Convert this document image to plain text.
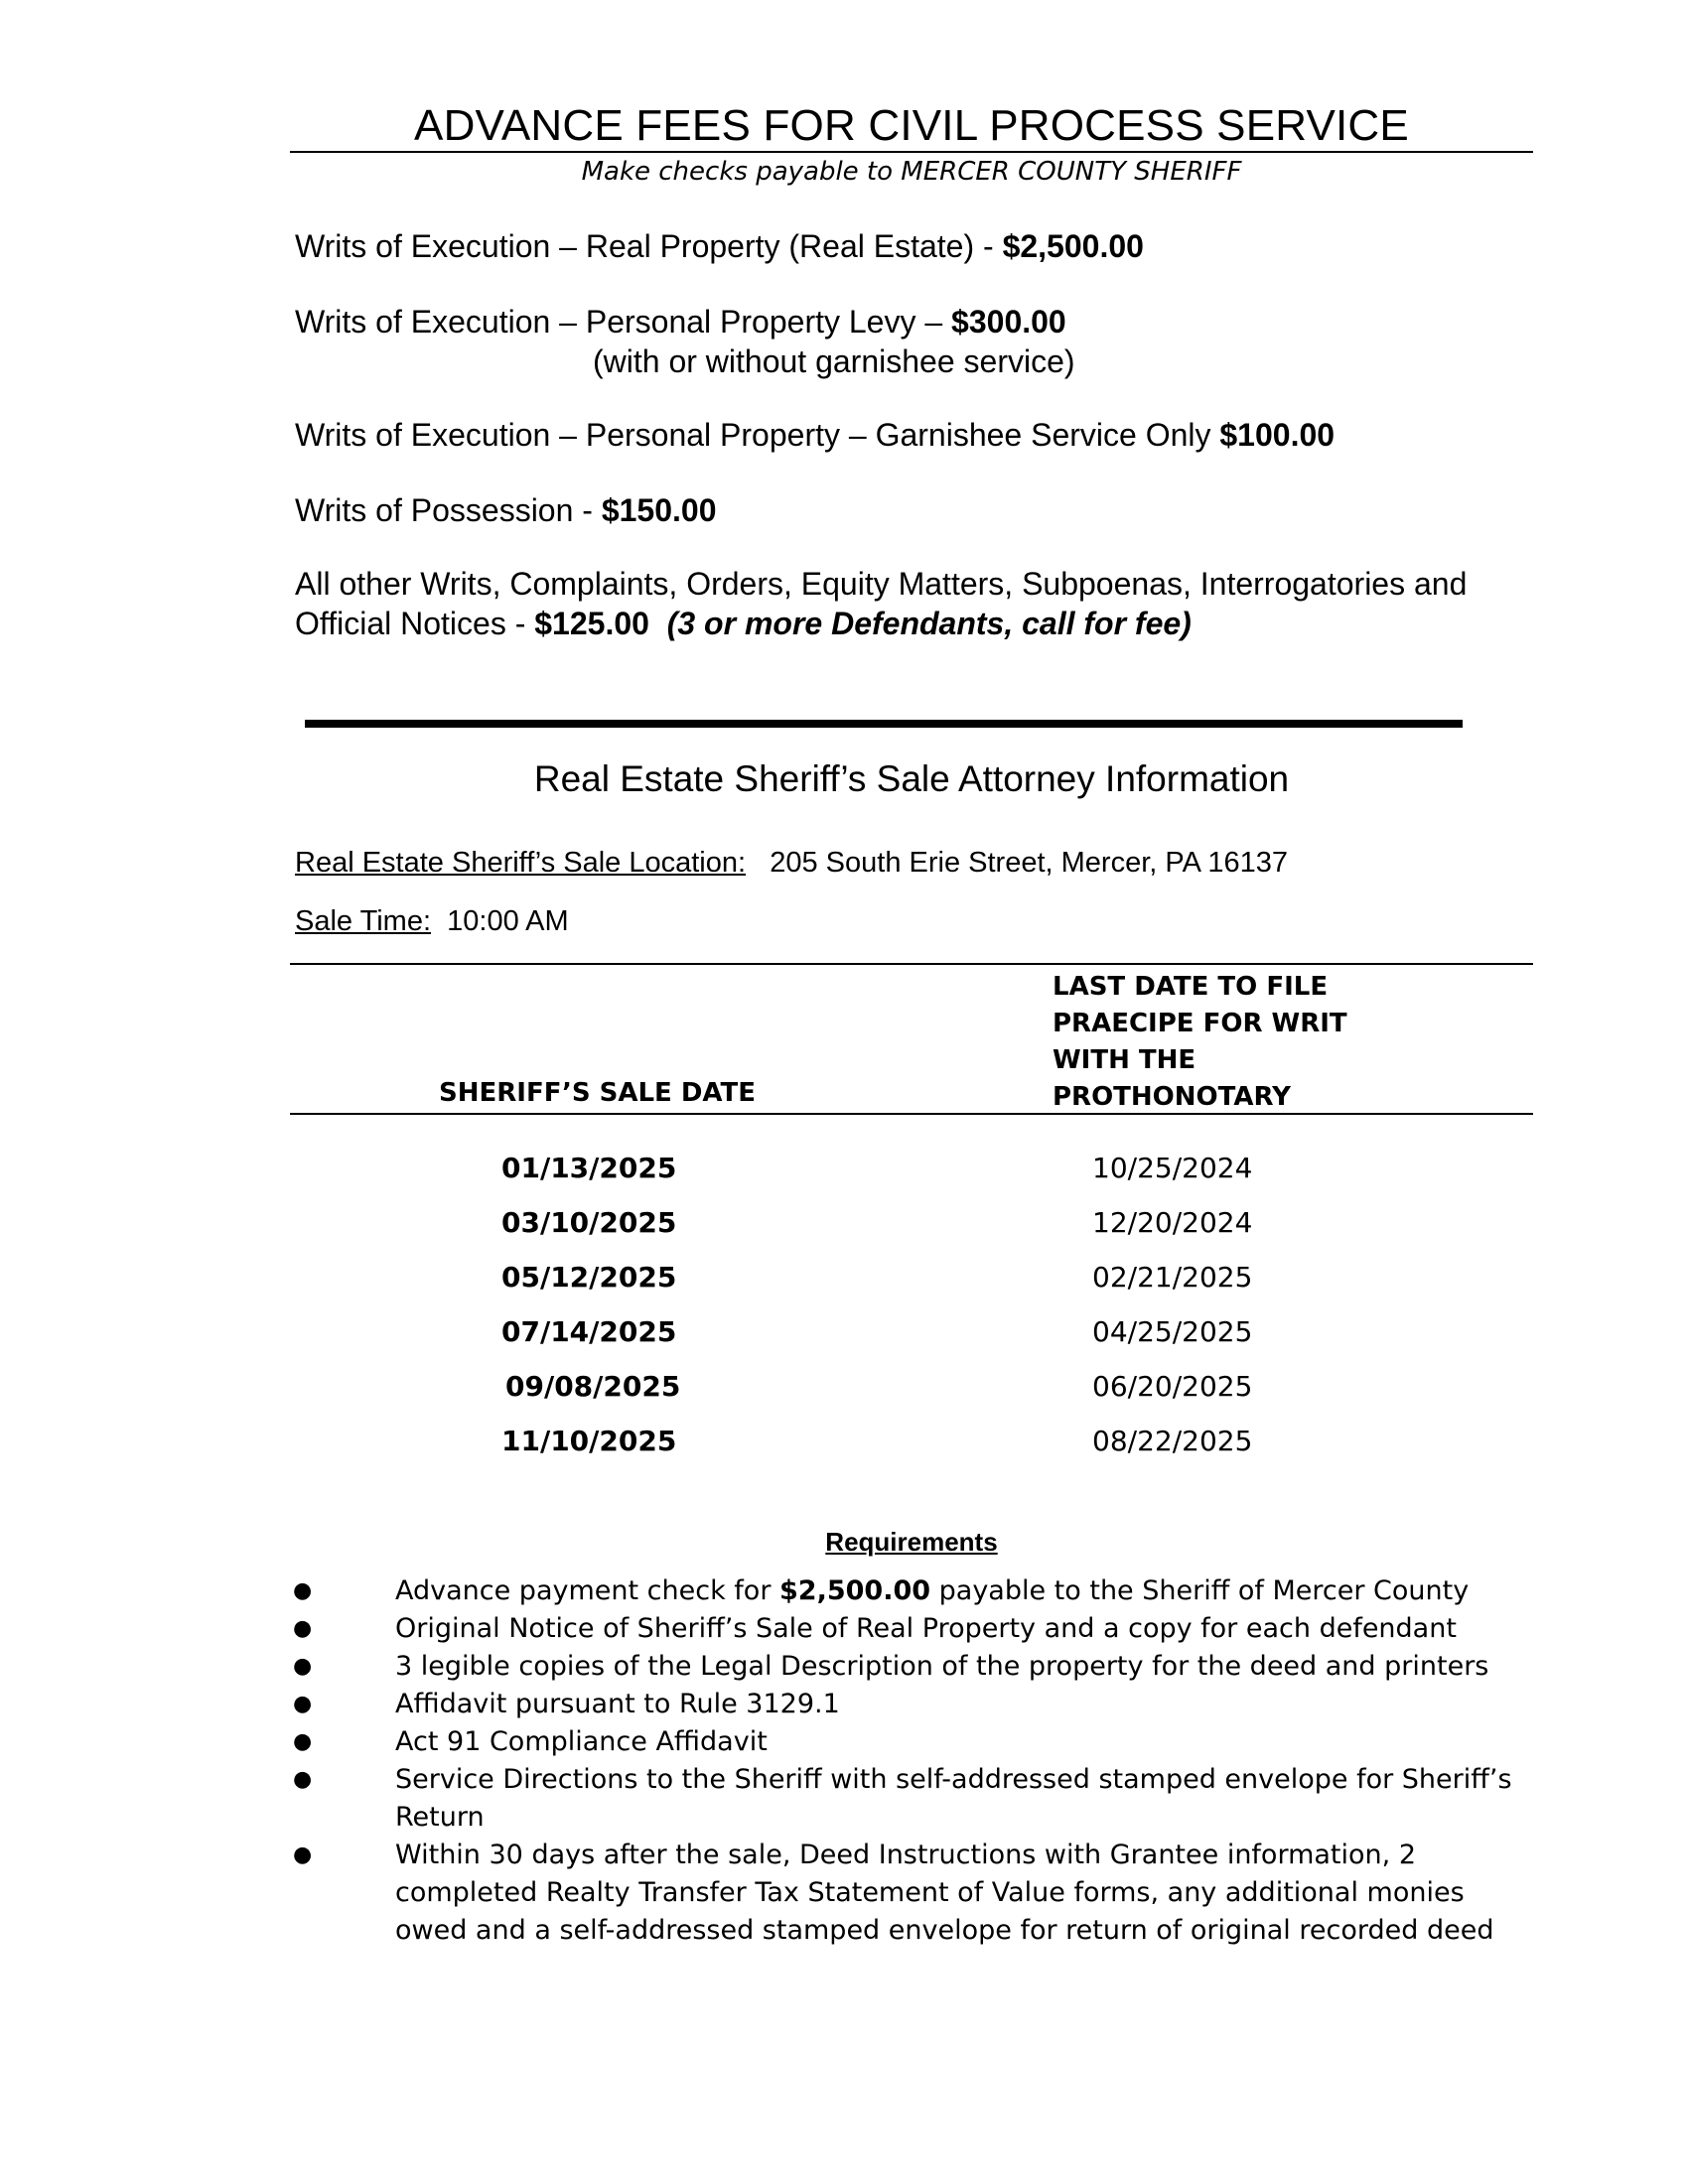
ADVANCE FEES FOR CIVIL PROCESS SERVICE
Make checks payable to MERCER COUNTY SHERIFF
Writs of Execution – Real Property (Real Estate) - $2,500.00
Writs of Execution – Personal Property Levy – $300.00
(with or without garnishee service)
Writs of Execution – Personal Property – Garnishee Service Only $100.00
Writs of Possession - $150.00
All other Writs, Complaints, Orders, Equity Matters, Subpoenas, Interrogatories and Official Notices - $125.00 (3 or more Defendants, call for fee)
Real Estate Sheriff’s Sale Attorney Information
Real Estate Sheriff’s Sale Location: 205 South Erie Street, Mercer, PA 16137
Sale Time: 10:00 AM
SHERIFF’S SALE DATE
LAST DATE TO FILE PRAECIPE FOR WRIT WITH THE PROTHONOTARY
01/13/2025	10/25/2024
03/10/2025	12/20/2024
05/12/2025	02/21/2025
07/14/2025	04/25/2025
09/08/2025	06/20/2025
11/10/2025	08/22/2025
Requirements
●	Advance payment check for $2,500.00 payable to the Sheriff of Mercer County
●	Original Notice of Sheriff’s Sale of Real Property and a copy for each defendant
●	3 legible copies of the Legal Description of the property for the deed and printers
●	Affidavit pursuant to Rule 3129.1
●	Act 91 Compliance Affidavit
●	Service Directions to the Sheriff with self-addressed stamped envelope for Sheriff’s Return
●	Within 30 days after the sale, Deed Instructions with Grantee information, 2 completed Realty Transfer Tax Statement of Value forms, any additional monies owed and a self-addressed stamped envelope for return of original recorded deed
